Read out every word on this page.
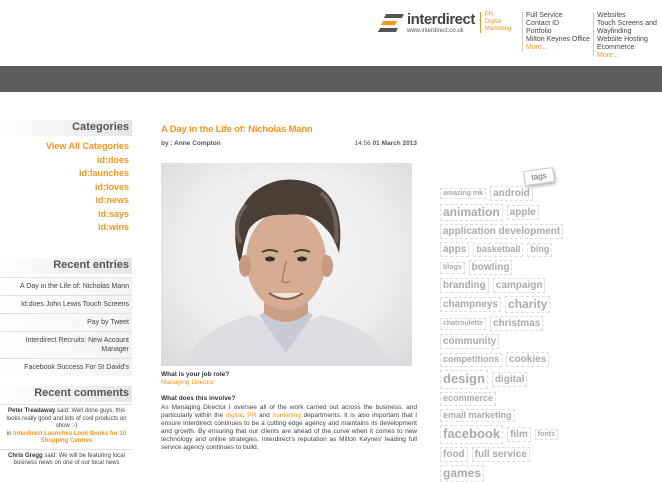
interdirect
www.interdirect.co.uk
PR
Digital
Marketing
Full Service
Contact ID
Portfolio
Milton Keynes Office
More...
Websites
Touch Screens and
Wayfinding
Website Hosting
Ecommerce
More...
Categories
View All Categories
id:does
id:launches
id:loves
id:news
id:says
id:wins
Recent entries
A Day in the Life of: Nicholas Mann
Id:does John Lewis Touch Screens
Pay by Tweet
Interdirect Recruits: New Account Manager
Facebook Success For St David's
Recent comments
Peter Treadaway said: Well done guys, this looks really good and lots of cool products on show :-)
in Interdirect Launches Look Books for 10 Shopping Centres
Chris Gregg said: We will be featuring local business news on one of our local news
A Day in the Life of: Nicholas Mann
by : Anne Compton	14:56 01 March 2013
What is your job role?
Managing Director
What does this involve?
As Managing Director I oversee all of the work carried out across the business, and particularly within the digital, PR and marketing departments. It is also important that I ensure Interdirect continues to be a cutting edge agency and maintains its development and growth. By ensuring that our clients are ahead of the curve when it comes to new technology and online strategies, Interdirect's reputation as Milton Keynes' leading full service agency continues to build.
tags
amazing mk	android
animation	apple
application development
apps	basketball	bing
blogs	bowling
branding	campaign
champneys charity
chatroulette	christmas
community
competitions	cookies
design	digital
ecommerce
email marketing
facebook	film	fonts
food	full service
games
